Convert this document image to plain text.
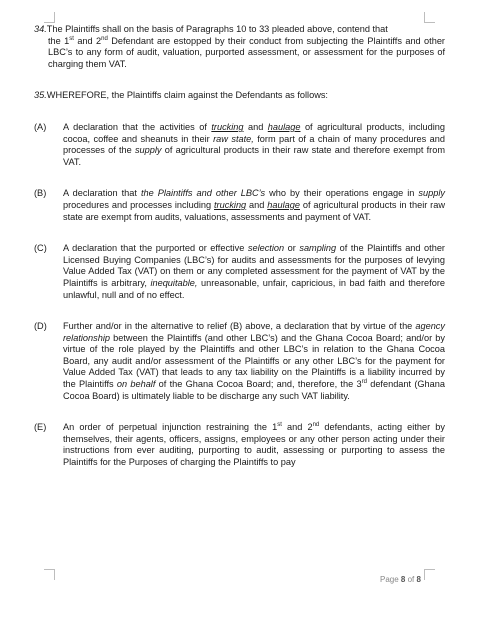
34.The Plaintiffs shall on the basis of Paragraphs 10 to 33 pleaded above, contend that

the 1st and 2nd Defendant are estopped by their conduct from subjecting the Plaintiffs and other LBC’s to any form of audit, valuation, purported assessment, or assessment for the purposes of charging them VAT.

35.WHEREFORE, the Plaintiffs claim against the Defendants as follows:

(A)	A declaration that the activities of trucking and haulage of agricultural products, including cocoa, coffee and sheanuts in their raw state, form part of a chain of many procedures and processes of the supply of agricultural products in their raw state and therefore exempt from VAT.
(B)	A declaration that the Plaintiffs and other LBC’s who by their operations engage in supply procedures and processes including trucking and haulage of agricultural products in their raw state are exempt from audits, valuations, assessments and payment of VAT.
(C)	A declaration that the purported or effective selection or sampling of the Plaintiffs and other Licensed Buying Companies (LBC’s) for audits and assessments for the purposes of levying Value Added Tax (VAT) on them or any completed assessment for the payment of VAT by the Plaintiffs is arbitrary, inequitable, unreasonable, unfair, capricious, in bad faith and therefore unlawful, null and of no effect.
(D)	Further and/or in the alternative to relief (B) above, a declaration that by virtue of the agency relationship between the Plaintiffs (and other LBC’s) and the Ghana Cocoa Board; and/or by virtue of the role played by the Plaintiffs and other LBC’s in relation to the Ghana Cocoa Board, any audit and/or assessment of the Plaintiffs or any other LBC’s for the payment for Value Added Tax (VAT) that leads to any tax liability on the Plaintiffs is a liability incurred by the Plaintiffs on behalf of the Ghana Cocoa Board; and, therefore, the 3rd defendant (Ghana Cocoa Board) is ultimately liable to be discharge any such VAT liability.
(E)	An order of perpetual injunction restraining the 1st and 2nd defendants, acting either by themselves, their agents, officers, assigns, employees or any other person acting under their instructions from ever auditing, purporting to audit, assessing or purporting to assess the Plaintiffs for the Purposes of charging the Plaintiffs to pay
Page 8 of 8
